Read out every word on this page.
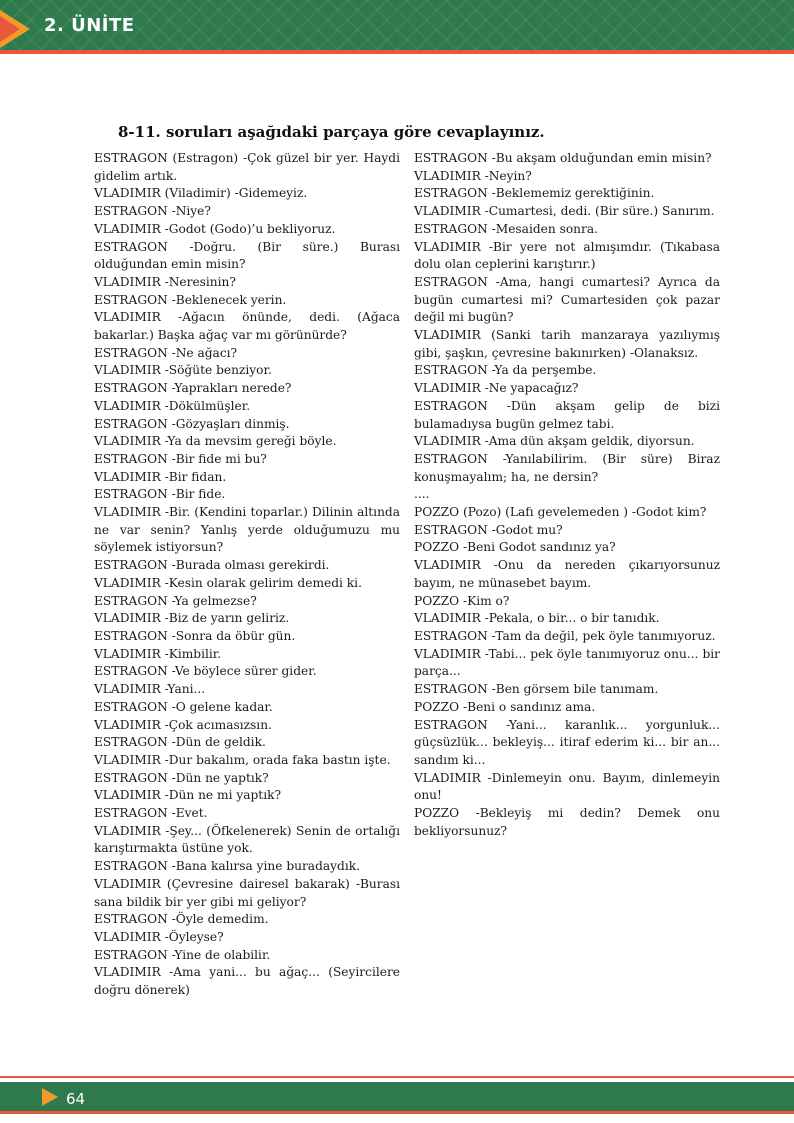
2. ÜNİTE
8-11. soruları aşağıdaki parçaya göre cevaplayınız.
ESTRAGON (Estragon) -Çok güzel bir yer. Haydi gidelim artık.
VLADIMIR (Viladimir) -Gidemeyiz.
ESTRAGON -Niye?
VLADIMIR -Godot (Godo)’u bekliyoruz.
ESTRAGON -Doğru. (Bir süre.) Burası olduğundan emin misin?
VLADIMIR -Neresinin?
ESTRAGON -Beklenecek yerin.
VLADIMIR -Ağacın önünde, dedi. (Ağaca bakarlar.) Başka ağaç var mı görünürde?
ESTRAGON -Ne ağacı?
VLADIMIR -Söğüte benziyor.
ESTRAGON -Yaprakları nerede?
VLADIMIR -Dökülmüşler.
ESTRAGON -Gözyaşları dinmiş.
VLADIMIR -Ya da mevsim gereği böyle.
ESTRAGON -Bir fide mi bu?
VLADIMIR -Bir fidan.
ESTRAGON -Bir fide.
VLADIMIR -Bir. (Kendini toparlar.) Dilinin altında ne var senin? Yanlış yerde olduğumuzu mu söylemek istiyorsun?
ESTRAGON -Burada olması gerekirdi.
VLADIMIR -Kesin olarak gelirim demedi ki.
ESTRAGON -Ya gelmezse?
VLADIMIR -Biz de yarın geliriz.
ESTRAGON -Sonra da öbür gün.
VLADIMIR -Kimbilir.
ESTRAGON -Ve böylece sürer gider.
VLADIMIR -Yani...
ESTRAGON -O gelene kadar.
VLADIMIR -Çok acımasızsın.
ESTRAGON -Dün de geldik.
VLADIMIR -Dur bakalım, orada faka bastın işte.
ESTRAGON -Dün ne yaptık?
VLADIMIR -Dün ne mi yaptık?
ESTRAGON -Evet.
VLADIMIR -Şey... (Öfkelenerek) Senin de ortalığı karıştırmakta üstüne yok.
ESTRAGON -Bana kalırsa yine buradaydık.
VLADIMIR (Çevresine dairesel bakarak) -Burası sana bildik bir yer gibi mi geliyor?
ESTRAGON -Öyle demedim.
VLADIMIR -Öyleyse?
ESTRAGON -Yine de olabilir.
VLADIMIR -Ama yani... bu ağaç... (Seyircilere doğru dönerek)
ESTRAGON -Bu akşam olduğundan emin misin?
VLADIMIR -Neyin?
ESTRAGON -Beklememiz gerektiğinin.
VLADIMIR -Cumartesi, dedi. (Bir süre.) Sanırım.
ESTRAGON -Mesaiden sonra.
VLADIMIR -Bir yere not almışımdır. (Tıkabasa dolu olan ceplerini karıştırır.)
ESTRAGON -Ama, hangi cumartesi? Ayrıca da bugün cumartesi mi? Cumartesiden çok pazar değil mi bugün?
VLADIMIR (Sanki tarih manzaraya yazılıymış gibi, şaşkın, çevresine bakınırken) -Olanaksız.
ESTRAGON -Ya da perşembe.
VLADIMIR -Ne yapacağız?
ESTRAGON -Dün akşam gelip de bizi bulamadıysa bugün gelmez tabi.
VLADIMIR -Ama dün akşam geldik, diyorsun.
ESTRAGON -Yanılabilirim. (Bir süre) Biraz konuşmayalım; ha, ne dersin?
....
POZZO (Pozo) (Lafı gevelemeden ) -Godot kim?
ESTRAGON -Godot mu?
POZZO -Beni Godot sandınız ya?
VLADIMIR -Onu da nereden çıkarıyorsunuz bayım, ne münasebet bayım.
POZZO -Kim o?
VLADIMIR -Pekala, o bir... o bir tanıdık.
ESTRAGON -Tam da değil, pek öyle tanımıyoruz.
VLADIMIR -Tabi... pek öyle tanımıyoruz onu... bir parça...
ESTRAGON -Ben görsem bile tanımam.
POZZO -Beni o sandınız ama.
ESTRAGON -Yani... karanlık... yorgunluk... güçsüzlük... bekleyiş... itiraf ederim ki... bir an... sandım ki...
VLADIMIR -Dinlemeyin onu. Bayım, dinlemeyin onu!
POZZO -Bekleyiş mi dedin? Demek onu bekliyorsunuz?
64
